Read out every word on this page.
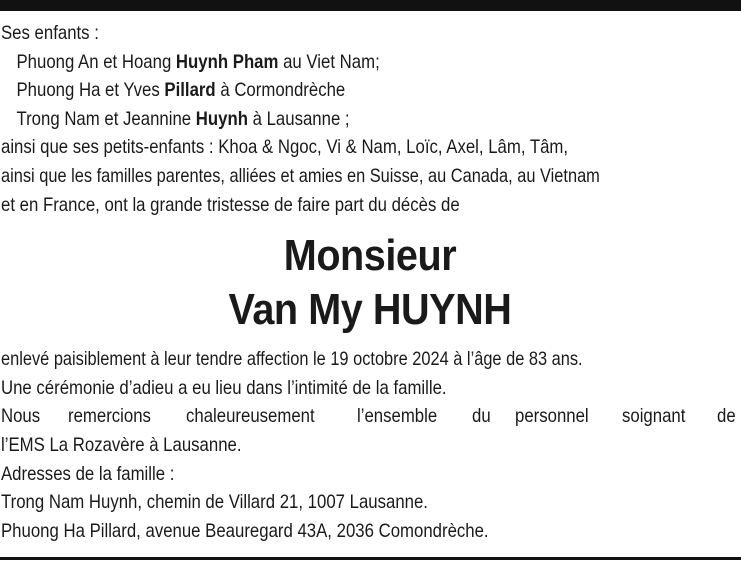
Ses enfants :
Phuong An et Hoang Huynh Pham au Viet Nam;
Phuong Ha et Yves Pillard à Cormondrèche
Trong Nam et Jeannine Huynh à Lausanne ;
ainsi que ses petits-enfants : Khoa & Ngoc, Vi & Nam, Loïc, Axel, Lâm, Tâm,
ainsi que les familles parentes, alliées et amies en Suisse, au Canada, au Vietnam
et en France, ont la grande tristesse de faire part du décès de
Monsieur
Van My HUYNH
enlevé paisiblement à leur tendre affection le 19 octobre 2024 à l’âge de 83 ans.
Une cérémonie d’adieu a eu lieu dans l’intimité de la famille.
Nous remercions chaleureusement l’ensemble du personnel soignant de
l’EMS La Rozavère à Lausanne.
Adresses de la famille :
Trong Nam Huynh, chemin de Villard 21, 1007 Lausanne.
Phuong Ha Pillard, avenue Beauregard 43A, 2036 Comondrèche.
